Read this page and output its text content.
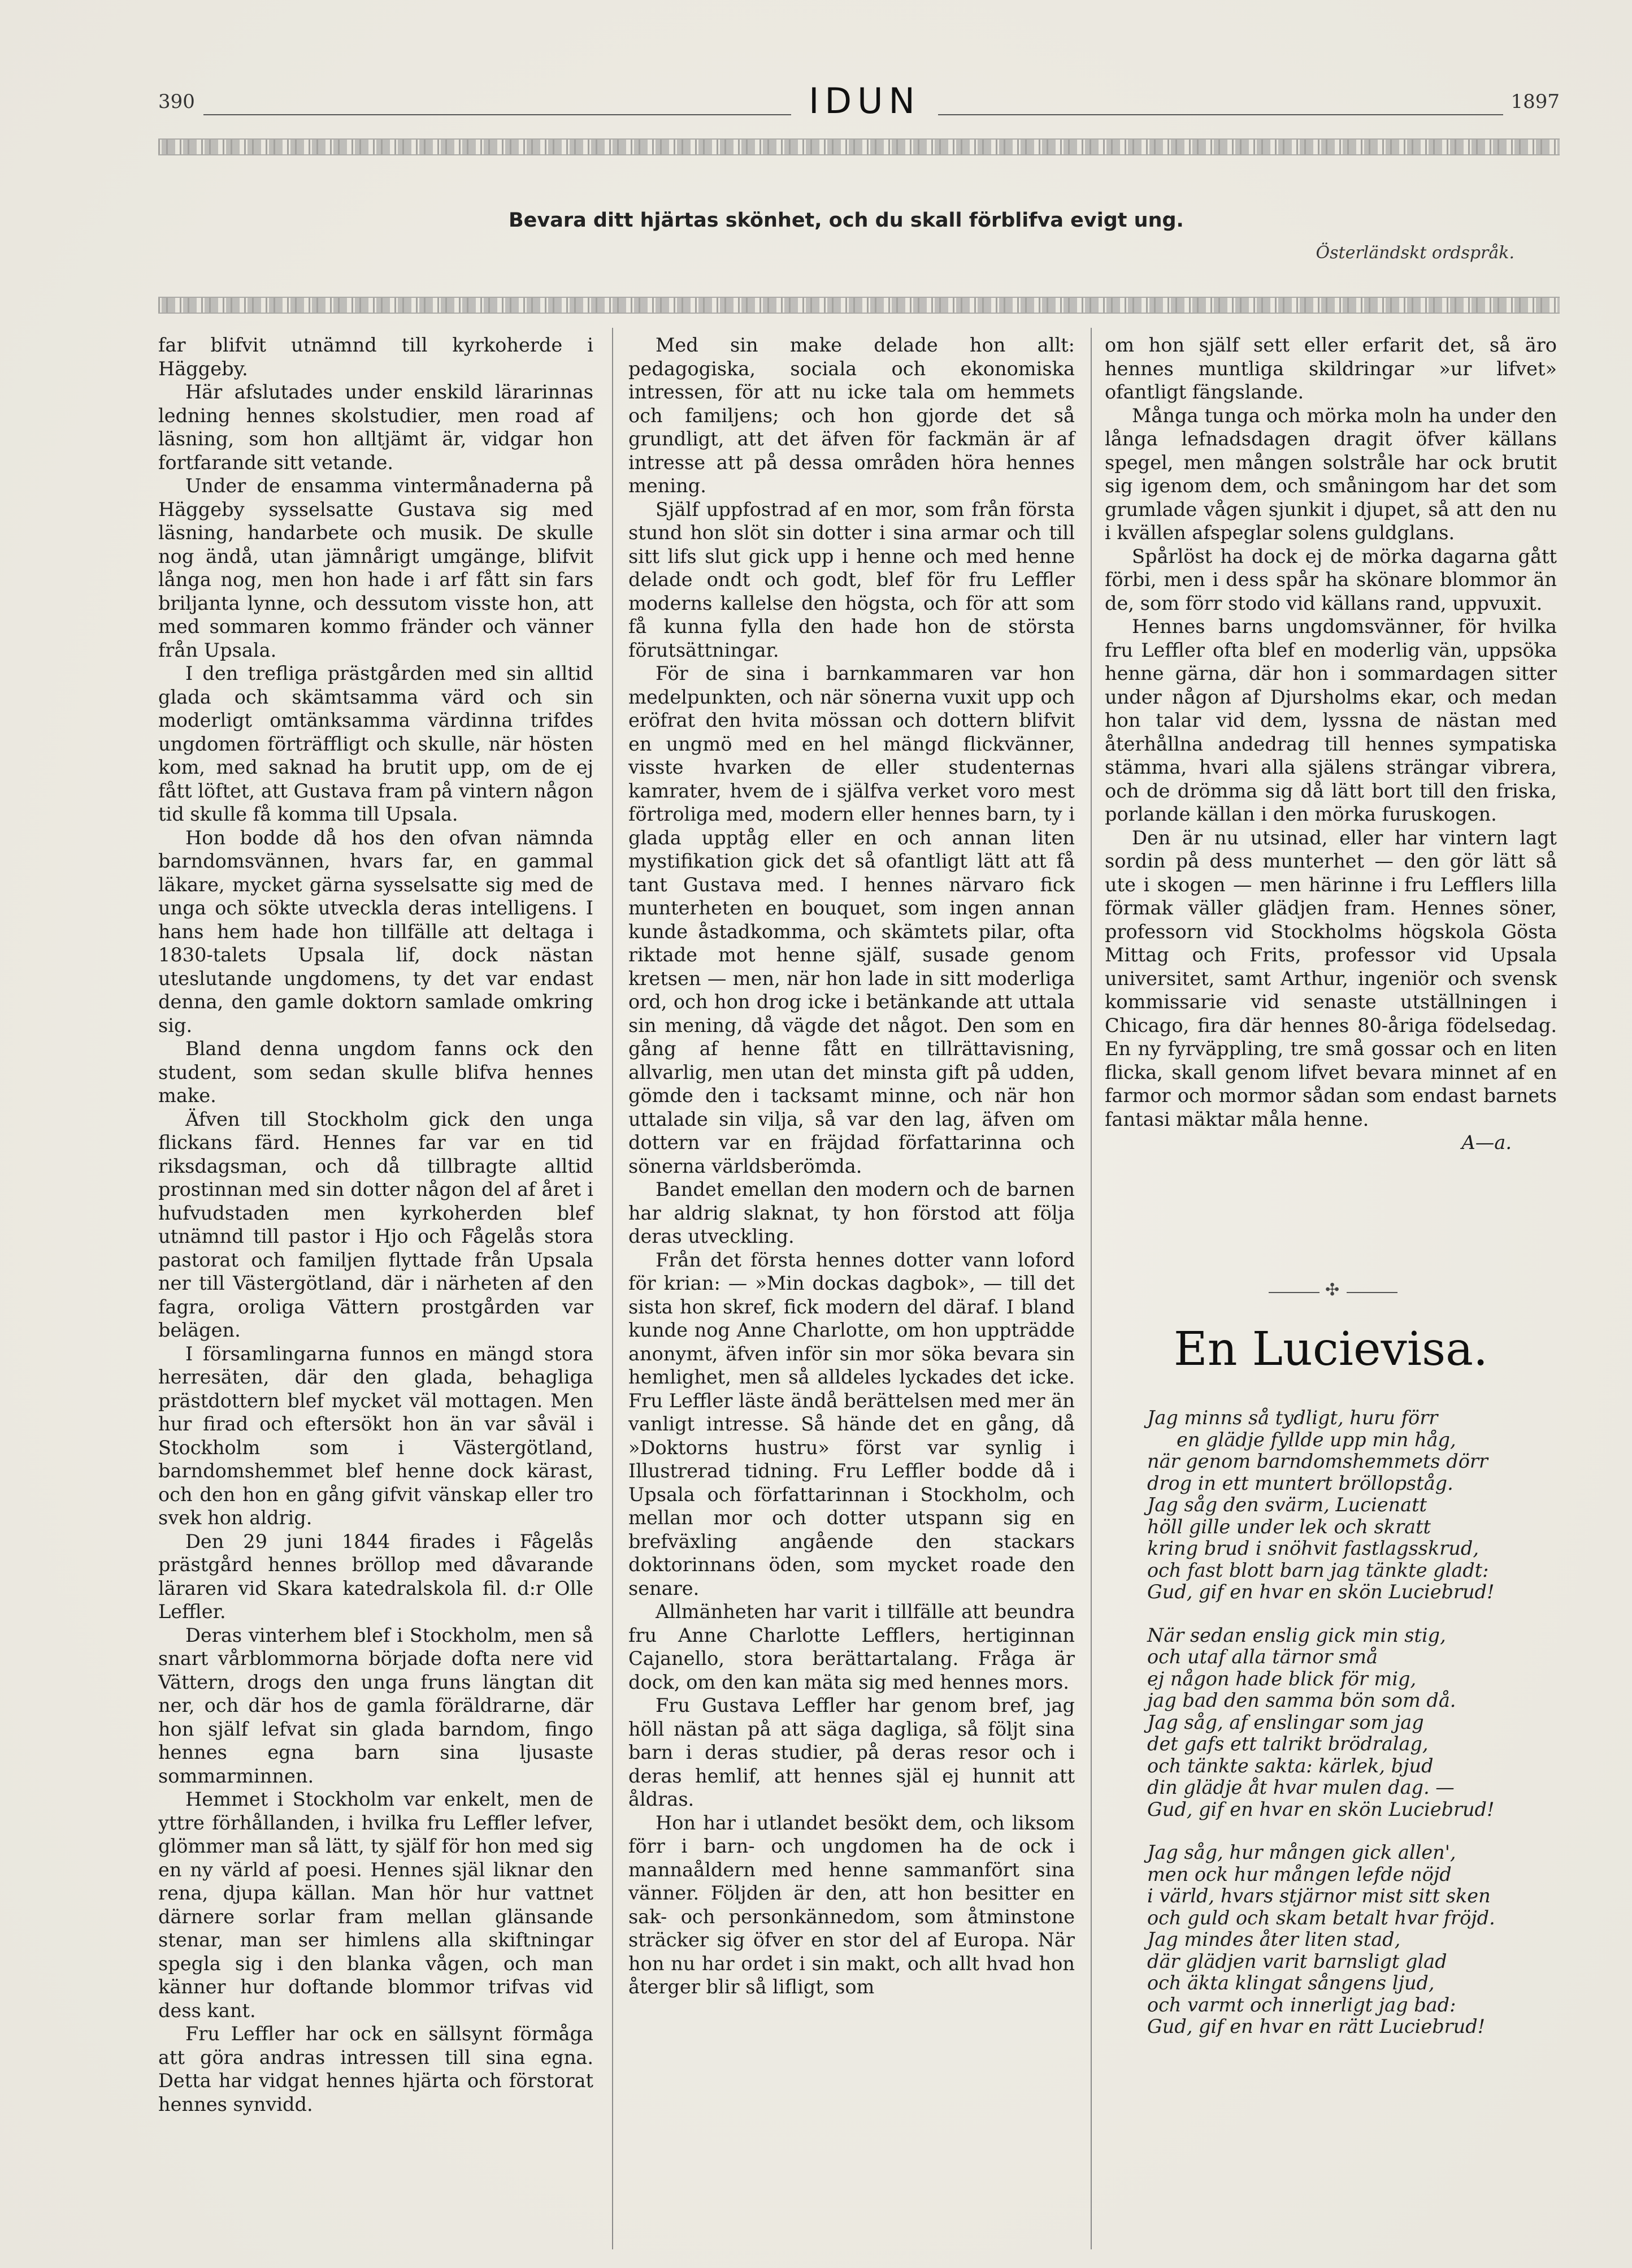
390	IDUN	1897
Bevara ditt hjärtas skönhet, och du skall förblifva evigt ung.
Österländskt ordspråk.

far blifvit utnämnd till kyrkoherde i Häggeby.

Här afslutades under enskild lärarinnas ledning hennes skolstudier, men road af läsning, som hon alltjämt är, vidgar hon fortfarande sitt vetande.

Under de ensamma vintermånaderna på Häggeby sysselsatte Gustava sig med läsning, handarbete och musik. De skulle nog ändå, utan jämnårigt umgänge, blifvit långa nog, men hon hade i arf fått sin fars briljanta lynne, och dessutom visste hon, att med sommaren kommo fränder och vänner från Upsala.

I den trefliga prästgården med sin alltid glada och skämtsamma värd och sin moderligt omtänksamma värdinna trifdes ungdomen förträffligt och skulle, när hösten kom, med saknad ha brutit upp, om de ej fått löftet, att Gustava fram på vintern någon tid skulle få komma till Upsala.

Hon bodde då hos den ofvan nämnda barndomsvännen, hvars far, en gammal läkare, mycket gärna sysselsatte sig med de unga och sökte utveckla deras intelligens. I hans hem hade hon tillfälle att deltaga i 1830-talets Upsala lif, dock nästan uteslutande ungdomens, ty det var endast denna, den gamle doktorn samlade omkring sig.

Bland denna ungdom fanns ock den student, som sedan skulle blifva hennes make.

Äfven till Stockholm gick den unga flickans färd. Hennes far var en tid riksdagsman, och då tillbragte alltid prostinnan med sin dotter någon del af året i hufvudstaden men kyrkoherden blef utnämnd till pastor i Hjo och Fågelås stora pastorat och familjen flyttade från Upsala ner till Västergötland, där i närheten af den fagra, oroliga Vättern prostgården var belägen.

I församlingarna funnos en mängd stora herresäten, där den glada, behagliga prästdottern blef mycket väl mottagen. Men hur firad och eftersökt hon än var såväl i Stockholm som i Västergötland, barndomshemmet blef henne dock kärast, och den hon en gång gifvit vänskap eller tro svek hon aldrig.

Den 29 juni 1844 firades i Fågelås prästgård hennes bröllop med dåvarande läraren vid Skara katedralskola fil. d:r Olle Leffler.

Deras vinterhem blef i Stockholm, men så snart vårblommorna började dofta nere vid Vättern, drogs den unga fruns längtan dit ner, och där hos de gamla föräldrarne, där hon själf lefvat sin glada barndom, fingo hennes egna barn sina ljusaste sommarminnen.

Hemmet i Stockholm var enkelt, men de yttre förhållanden, i hvilka fru Leffler lefver, glömmer man så lätt, ty själf för hon med sig en ny värld af poesi. Hennes själ liknar den rena, djupa källan. Man hör hur vattnet därnere sorlar fram mellan glänsande stenar, man ser himlens alla skiftningar spegla sig i den blanka vågen, och man känner hur doftande blommor trifvas vid dess kant.

Fru Leffler har ock en sällsynt förmåga att göra andras intressen till sina egna. Detta har vidgat hennes hjärta och förstorat hennes synvidd.

Med sin make delade hon allt: pedagogiska, sociala och ekonomiska intressen, för att nu icke tala om hemmets och familjens; och hon gjorde det så grundligt, att det äfven för fackmän är af intresse att på dessa områden höra hennes mening.

Själf uppfostrad af en mor, som från första stund hon slöt sin dotter i sina armar och till sitt lifs slut gick upp i henne och med henne delade ondt och godt, blef för fru Leffler moderns kallelse den högsta, och för att som få kunna fylla den hade hon de största förutsättningar.

För de sina i barnkammaren var hon medelpunkten, och när sönerna vuxit upp och eröfrat den hvita mössan och dottern blifvit en ungmö med en hel mängd flickvänner, visste hvarken de eller studenternas kamrater, hvem de i själfva verket voro mest förtroliga med, modern eller hennes barn, ty i glada upptåg eller en och annan liten mystifikation gick det så ofantligt lätt att få tant Gustava med. I hennes närvaro fick munterheten en bouquet, som ingen annan kunde åstadkomma, och skämtets pilar, ofta riktade mot henne själf, susade genom kretsen — men, när hon lade in sitt moderliga ord, och hon drog icke i betänkande att uttala sin mening, då vägde det något. Den som en gång af henne fått en tillrättavisning, allvarlig, men utan det minsta gift på udden, gömde den i tacksamt minne, och när hon uttalade sin vilja, så var den lag, äfven om dottern var en fräjdad författarinna och sönerna världsberömda.

Bandet emellan den modern och de barnen har aldrig slaknat, ty hon förstod att följa deras utveckling.

Från det första hennes dotter vann loford för krian: — »Min dockas dagbok», — till det sista hon skref, fick modern del däraf. I bland kunde nog Anne Charlotte, om hon uppträdde anonymt, äfven inför sin mor söka bevara sin hemlighet, men så alldeles lyckades det icke. Fru Leffler läste ändå berättelsen med mer än vanligt intresse. Så hände det en gång, då »Doktorns hustru» först var synlig i Illustrerad tidning. Fru Leffler bodde då i Upsala och författarinnan i Stockholm, och mellan mor och dotter utspann sig en brefväxling angående den stackars doktorinnans öden, som mycket roade den senare.

Allmänheten har varit i tillfälle att beundra fru Anne Charlotte Lefflers, hertiginnan Cajanello, stora berättartalang. Fråga är dock, om den kan mäta sig med hennes mors.

Fru Gustava Leffler har genom bref, jag höll nästan på att säga dagliga, så följt sina barn i deras studier, på deras resor och i deras hemlif, att hennes själ ej hunnit att åldras.

Hon har i utlandet besökt dem, och liksom förr i barn- och ungdomen ha de ock i mannaåldern med henne sammanfört sina vänner. Följden är den, att hon besitter en sak- och personkännedom, som åtminstone sträcker sig öfver en stor del af Europa. När hon nu har ordet i sin makt, och allt hvad hon återger blir så lifligt, som

om hon själf sett eller erfarit det, så äro hennes muntliga skildringar »ur lifvet» ofantligt fängslande.

Många tunga och mörka moln ha under den långa lefnadsdagen dragit öfver källans spegel, men mången solstråle har ock brutit sig igenom dem, och småningom har det som grumlade vågen sjunkit i djupet, så att den nu i kvällen afspeglar solens guldglans.

Spårlöst ha dock ej de mörka dagarna gått förbi, men i dess spår ha skönare blommor än de, som förr stodo vid källans rand, uppvuxit.

Hennes barns ungdomsvänner, för hvilka fru Leffler ofta blef en moderlig vän, uppsöka henne gärna, där hon i sommardagen sitter under någon af Djursholms ekar, och medan hon talar vid dem, lyssna de nästan med återhållna andedrag till hennes sympatiska stämma, hvari alla själens strängar vibrera, och de drömma sig då lätt bort till den friska, porlande källan i den mörka furuskogen.

Den är nu utsinad, eller har vintern lagt sordin på dess munterhet — den gör lätt så ute i skogen — men härinne i fru Lefflers lilla förmak väller glädjen fram. Hennes söner, professorn vid Stockholms högskola Gösta Mittag och Frits, professor vid Upsala universitet, samt Arthur, ingeniör och svensk kommissarie vid senaste utställningen i Chicago, fira där hennes 80-åriga födelsedag. En ny fyrväppling, tre små gossar och en liten flicka, skall genom lifvet bevara minnet af en farmor och mormor sådan som endast barnets fantasi mäktar måla henne.

A—a.
✣
En Lucievisa.
Jag minns så tydligt, huru förr
en glädje fyllde upp min håg,
när genom barndomshemmets dörr
drog in ett muntert bröllopståg.
Jag såg den svärm, Lucienatt
höll gille under lek och skratt
kring brud i snöhvit fastlagsskrud,
och fast blott barn jag tänkte gladt:
Gud, gif en hvar en skön Luciebrud!
När sedan enslig gick min stig,
och utaf alla tärnor små
ej någon hade blick för mig,
jag bad den samma bön som då.
Jag såg, af enslingar som jag
det gafs ett talrikt brödralag,
och tänkte sakta: kärlek, bjud
din glädje åt hvar mulen dag. —
Gud, gif en hvar en skön Luciebrud!
Jag såg, hur mången gick allen',
men ock hur mången lefde nöjd
i värld, hvars stjärnor mist sitt sken
och guld och skam betalt hvar fröjd.
Jag mindes åter liten stad,
där glädjen varit barnsligt glad
och äkta klingat sångens ljud,
och varmt och innerligt jag bad:
Gud, gif en hvar en rätt Luciebrud!
